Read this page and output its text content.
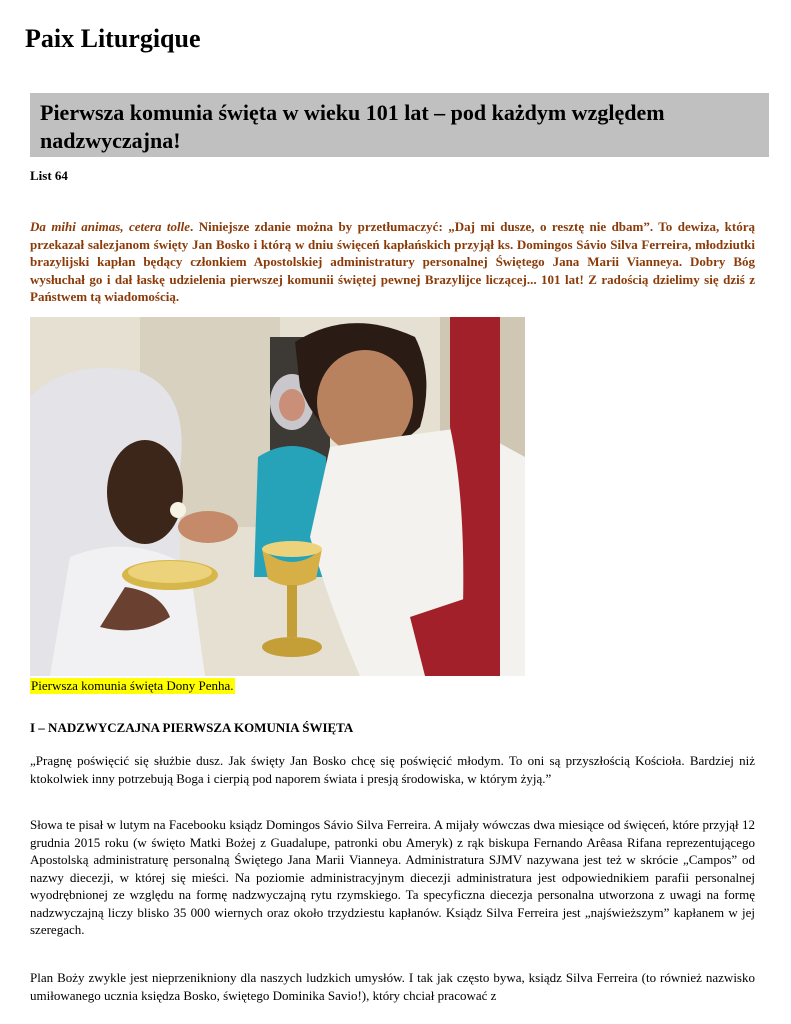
Paix Liturgique
Pierwsza komunia święta w wieku 101 lat – pod każdym względem nadzwyczajna!
List 64

Da mihi animas, cetera tolle. Niniejsze zdanie można by przetłumaczyć: „Daj mi dusze, o resztę nie dbam”. To dewiza, którą przekazał salezjanom święty Jan Bosko i którą w dniu święceń kapłańskich przyjął ks. Domingos Sávio Silva Ferreira, młodziutki brazylijski kapłan będący członkiem Apostolskiej administratury personalnej Świętego Jana Marii Vianneya. Dobry Bóg wysłuchał go i dał łaskę udzielenia pierwszej komunii świętej pewnej Brazylijce liczącej... 101 lat! Z radością dzielimy się dziś z Państwem tą wiadomością.

Pierwsza komunia święta Dony Penha.
I – NADZWYCZAJNA PIERWSZA KOMUNIA ŚWIĘTA

„Pragnę poświęcić się służbie dusz. Jak święty Jan Bosko chcę się poświęcić młodym. To oni są przyszłością Kościoła. Bardziej niż ktokolwiek inny potrzebują Boga i cierpią pod naporem świata i presją środowiska, w którym żyją.”

Słowa te pisał w lutym na Facebooku ksiądz Domingos Sávio Silva Ferreira. A mijały wówczas dwa miesiące od święceń, które przyjął 12 grudnia 2015 roku (w święto Matki Bożej z Guadalupe, patronki obu Ameryk) z rąk biskupa Fernando Arêasa Rifana reprezentującego Apostolską administraturę personalną Świętego Jana Marii Vianneya. Administratura SJMV nazywana jest też w skrócie „Campos” od nazwy diecezji, w której się mieści. Na poziomie administracyjnym diecezji administratura jest odpowiednikiem parafii personalnej wyodrębnionej ze względu na formę nadzwyczajną rytu rzymskiego. Ta specyficzna diecezja personalna utworzona z uwagi na formę nadzwyczajną liczy blisko 35 000 wiernych oraz około trzydziestu kapłanów. Ksiądz Silva Ferreira jest „najświeższym” kapłanem w jej szeregach.

Plan Boży zwykle jest nieprzenikniony dla naszych ludzkich umysłów. I tak jak często bywa, ksiądz Silva Ferreira (to również nazwisko umiłowanego ucznia księdza Bosko, świętego Dominika Savio!), który chciał pracować z
